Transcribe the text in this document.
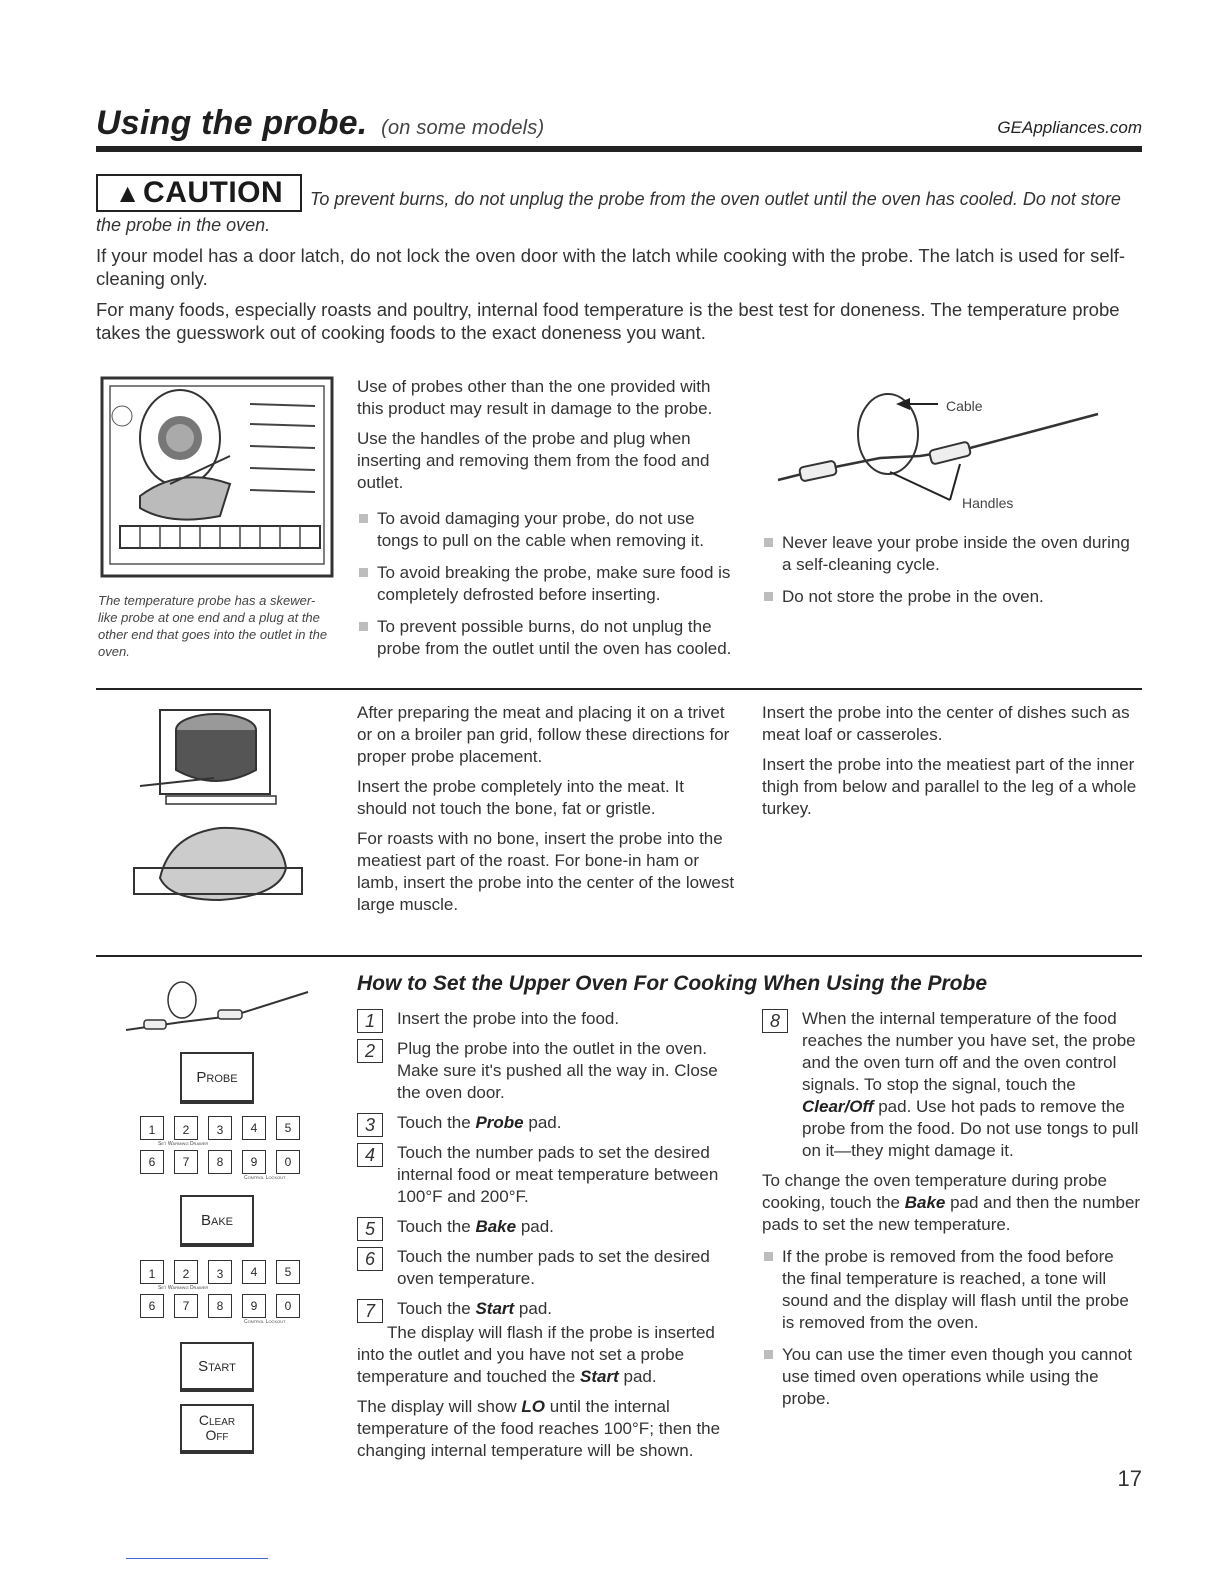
Using the probe. (on some models)	GEAppliances.com
To prevent burns, do not unplug the probe from the oven outlet until the oven has cooled. Do not store the probe in the oven.
▲ CAUTION
If your model has a door latch, do not lock the oven door with the latch while cooking with the probe. The latch is used for self-cleaning only.
For many foods, especially roasts and poultry, internal food temperature is the best test for doneness. The temperature probe takes the guesswork out of cooking foods to the exact doneness you want.
The temperature probe has a skewer-like probe at one end and a plug at the other end that goes into the outlet in the oven.

Use of probes other than the one provided with this product may result in damage to the probe.

Use the handles of the probe and plug when inserting and removing them from the food and outlet.

To avoid damaging your probe, do not use tongs to pull on the cable when removing it.
To avoid breaking the probe, make sure food is completely defrosted before inserting.
To prevent possible burns, do not unplug the probe from the outlet until the oven has cooled.
Cable
Handles
Never leave your probe inside the oven during a self-cleaning cycle.
Do not store the probe in the oven.

After preparing the meat and placing it on a trivet or on a broiler pan grid, follow these directions for proper probe placement.

Insert the probe completely into the meat. It should not touch the bone, fat or gristle.

For roasts with no bone, insert the probe into the meatiest part of the roast. For bone-in ham or lamb, insert the probe into the center of the lowest large muscle.

Insert the probe into the center of dishes such as meat loaf or casseroles.

Insert the probe into the meatiest part of the inner thigh from below and parallel to the leg of a whole turkey.

Probe
1	2	3	4	5
Set Warming Drawer
6	7	8	9	0
Control Lockout
Bake
1	2	3	4	5
Set Warming Drawer
6	7	8	9	0
Control Lockout
Start
Clear
Off
How to Set the Upper Oven For Cooking When Using the Probe
1	Insert the probe into the food.
2	Plug the probe into the outlet in the oven. Make sure it's pushed all the way in. Close the oven door.
3	Touch the Probe pad.
4	Touch the number pads to set the desired internal food or meat temperature between 100°F and 200°F.
5	Touch the Bake pad.
6	Touch the number pads to set the desired oven temperature.
7	Touch the Start pad.

The display will flash if the probe is inserted into the outlet and you have not set a probe temperature and touched the Start pad.

The display will show LO until the internal temperature of the food reaches 100°F; then the changing internal temperature will be shown.

8	When the internal temperature of the food reaches the number you have set, the probe and the oven turn off and the oven control signals. To stop the signal, touch the Clear/Off pad. Use hot pads to remove the probe from the food. Do not use tongs to pull on it—they might damage it.

To change the oven temperature during probe cooking, touch the Bake pad and then the number pads to set the new temperature.

If the probe is removed from the food before the final temperature is reached, a tone will sound and the display will flash until the probe is removed from the oven.
You can use the timer even though you cannot use timed oven operations while using the probe.
17
